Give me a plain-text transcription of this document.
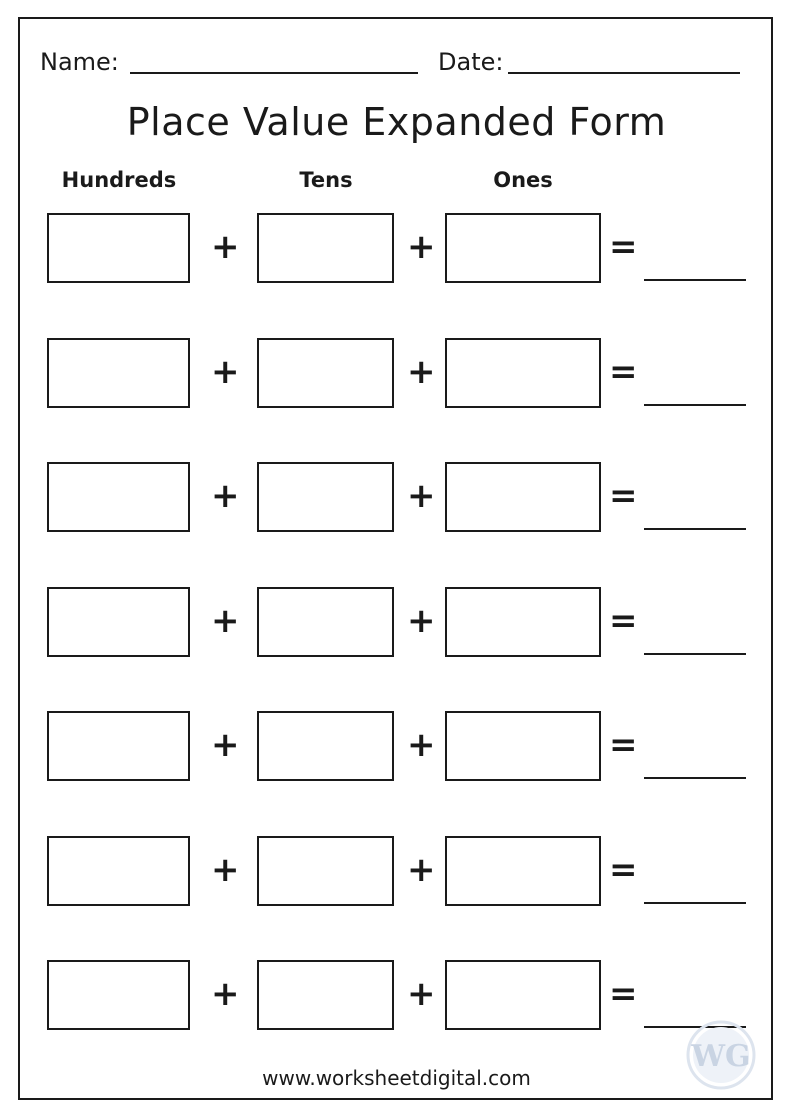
Name:	Date:
Place Value Expanded Form
Hundreds	Tens	Ones
+	+	=
+	+	=
+	+	=
+	+	=
+	+	=
+	+	=
+	+	=
www.worksheetdigital.com
WG
